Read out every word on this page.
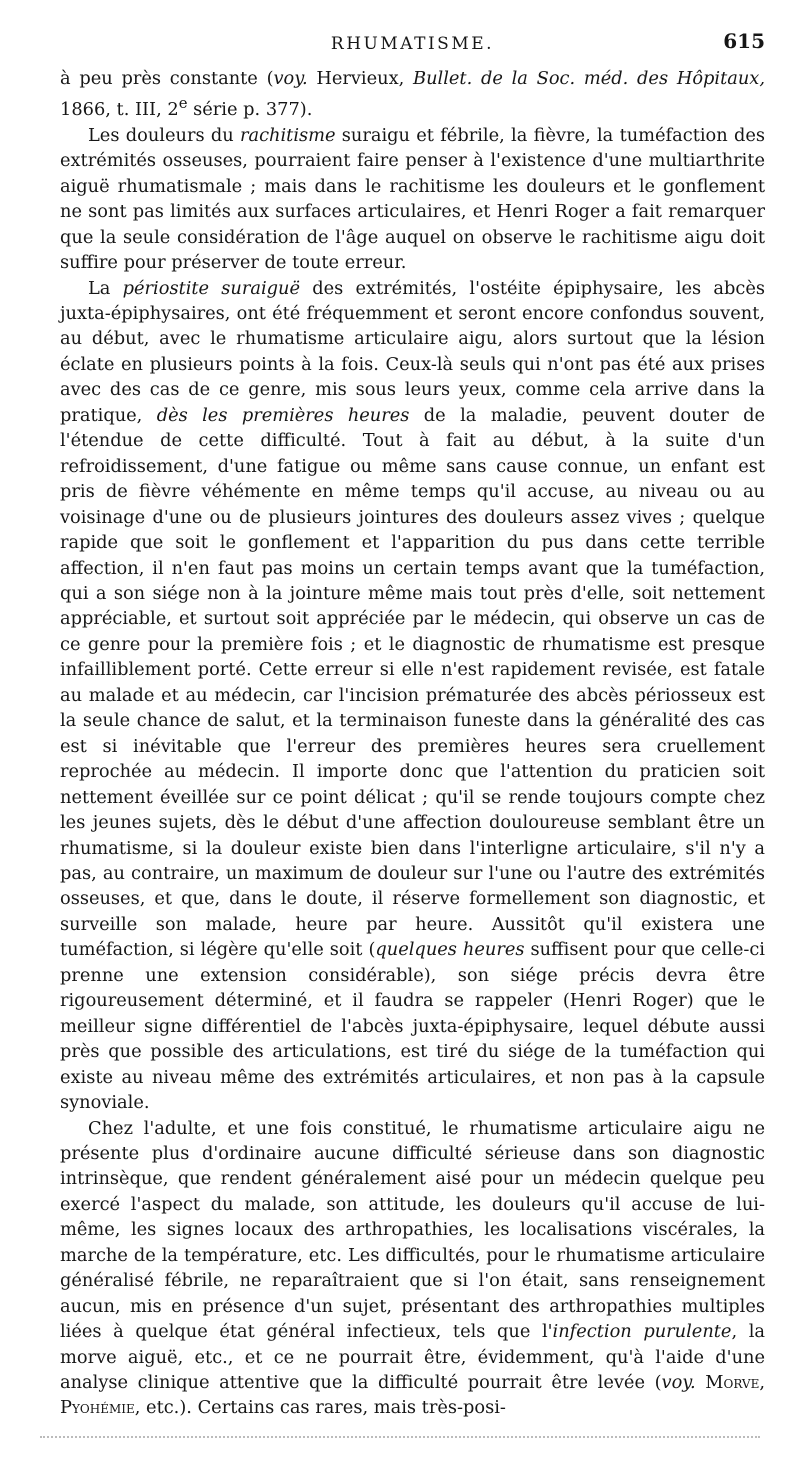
RHUMATISME.	615

à peu près constante (voy. Hervieux, Bullet. de la Soc. méd. des Hôpitaux, 1866, t. III, 2e série p. 377).

Les douleurs du rachitisme suraigu et fébrile, la fièvre, la tuméfaction des extrémités osseuses, pourraient faire penser à l'existence d'une multiarthrite aiguë rhumatismale ; mais dans le rachitisme les douleurs et le gonflement ne sont pas limités aux surfaces articulaires, et Henri Roger a fait remarquer que la seule considération de l'âge auquel on observe le rachitisme aigu doit suffire pour préserver de toute erreur.

La périostite suraiguë des extrémités, l'ostéite épiphysaire, les abcès juxta-épiphysaires, ont été fréquemment et seront encore confondus souvent, au début, avec le rhumatisme articulaire aigu, alors surtout que la lésion éclate en plusieurs points à la fois. Ceux-là seuls qui n'ont pas été aux prises avec des cas de ce genre, mis sous leurs yeux, comme cela arrive dans la pratique, dès les premières heures de la maladie, peuvent douter de l'étendue de cette difficulté. Tout à fait au début, à la suite d'un refroidissement, d'une fatigue ou même sans cause connue, un enfant est pris de fièvre véhémente en même temps qu'il accuse, au niveau ou au voisinage d'une ou de plusieurs jointures des douleurs assez vives ; quelque rapide que soit le gonflement et l'apparition du pus dans cette terrible affection, il n'en faut pas moins un certain temps avant que la tuméfaction, qui a son siége non à la jointure même mais tout près d'elle, soit nettement appréciable, et surtout soit appréciée par le médecin, qui observe un cas de ce genre pour la première fois ; et le diagnostic de rhumatisme est presque infailliblement porté. Cette erreur si elle n'est rapidement revisée, est fatale au malade et au médecin, car l'incision prématurée des abcès périosseux est la seule chance de salut, et la terminaison funeste dans la généralité des cas est si inévitable que l'erreur des premières heures sera cruellement reprochée au médecin. Il importe donc que l'attention du praticien soit nettement éveillée sur ce point délicat ; qu'il se rende toujours compte chez les jeunes sujets, dès le début d'une affection douloureuse semblant être un rhumatisme, si la douleur existe bien dans l'interligne articulaire, s'il n'y a pas, au contraire, un maximum de douleur sur l'une ou l'autre des extrémités osseuses, et que, dans le doute, il réserve formellement son diagnostic, et surveille son malade, heure par heure. Aussitôt qu'il existera une tuméfaction, si légère qu'elle soit (quelques heures suffisent pour que celle-ci prenne une extension considérable), son siége précis devra être rigoureusement déterminé, et il faudra se rappeler (Henri Roger) que le meilleur signe différentiel de l'abcès juxta-épiphysaire, lequel débute aussi près que possible des articulations, est tiré du siége de la tuméfaction qui existe au niveau même des extrémités articulaires, et non pas à la capsule synoviale.

Chez l'adulte, et une fois constitué, le rhumatisme articulaire aigu ne présente plus d'ordinaire aucune difficulté sérieuse dans son diagnostic intrinsèque, que rendent généralement aisé pour un médecin quelque peu exercé l'aspect du malade, son attitude, les douleurs qu'il accuse de lui-même, les signes locaux des arthropathies, les localisations viscérales, la marche de la température, etc. Les difficultés, pour le rhumatisme articulaire généralisé fébrile, ne reparaîtraient que si l'on était, sans renseignement aucun, mis en présence d'un sujet, présentant des arthropathies multiples liées à quelque état général infectieux, tels que l'infection purulente, la morve aiguë, etc., et ce ne pourrait être, évidemment, qu'à l'aide d'une analyse clinique attentive que la difficulté pourrait être levée (voy. Morve, Pyohémie, etc.). Certains cas rares, mais très-posi-
